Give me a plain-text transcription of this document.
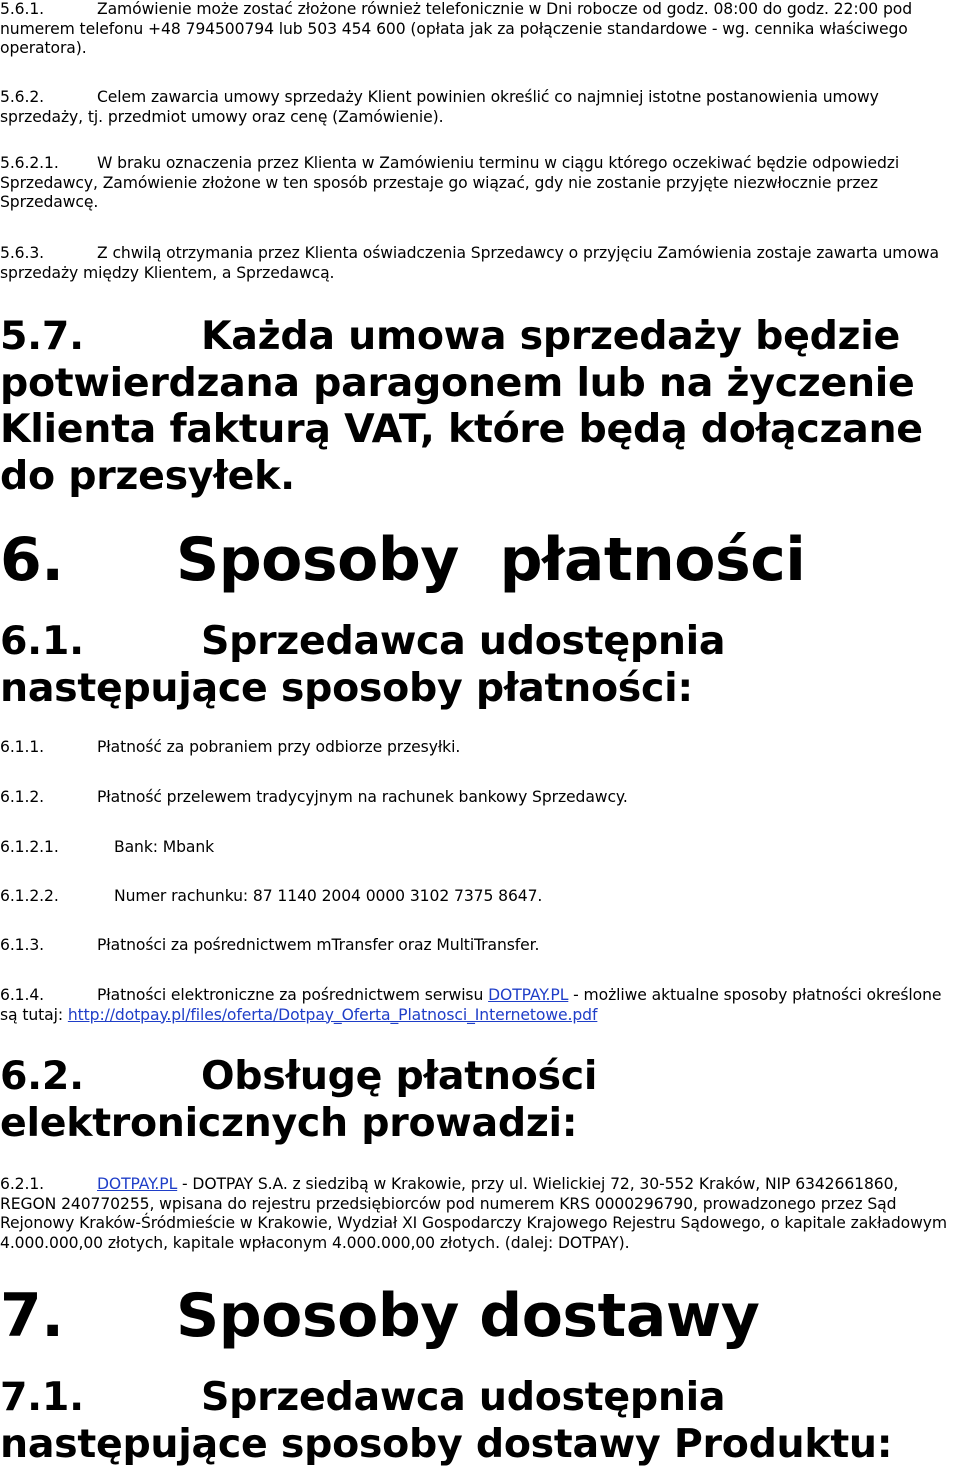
5.6.1.	Zamówienie może zostać złożone również telefonicznie w Dni robocze od godz. 08:00 do godz. 22:00 pod numerem telefonu +48 794500794 lub 503 454 600 (opłata jak za połączenie standardowe - wg. cennika właściwego operatora).
5.6.2.	Celem zawarcia umowy sprzedaży Klient powinien określić co najmniej istotne postanowienia umowy sprzedaży, tj. przedmiot umowy oraz cenę (Zamówienie).
5.6.2.1. W braku oznaczenia przez Klienta w Zamówieniu terminu w ciągu którego oczekiwać będzie odpowiedzi Sprzedawcy, Zamówienie złożone w ten sposób przestaje go wiązać, gdy nie zostanie przyjęte niezwłocznie przez Sprzedawcę.
5.6.3.	Z chwilą otrzymania przez Klienta oświadczenia Sprzedawcy o przyjęciu Zamówienia zostaje zawarta umowa sprzedaży między Klientem, a Sprzedawcą.
5.7.	Każda umowa sprzedaży będzie potwierdzana paragonem lub na życzenie Klienta fakturą VAT, które będą dołączane do przesyłek.
6. Sposoby  płatności
6.1.	Sprzedawca udostępnia następujące sposoby płatności:
6.1.1.	Płatność za pobraniem przy odbiorze przesyłki.
6.1.2.	Płatność przelewem tradycyjnym na rachunek bankowy Sprzedawcy.
6.1.2.1.	Bank: Mbank
6.1.2.2.	Numer rachunku: 87 1140 2004 0000 3102 7375 8647.
6.1.3.	Płatności za pośrednictwem mTransfer oraz MultiTransfer.
6.1.4.	Płatności elektroniczne za pośrednictwem serwisu DOTPAY.PL - możliwe aktualne sposoby płatności określone są tutaj: http://dotpay.pl/files/oferta/Dotpay_Oferta_Platnosci_Internetowe.pdf
6.2.	Obsługę płatności elektronicznych prowadzi:
6.2.1.	DOTPAY.PL - DOTPAY S.A. z siedzibą w Krakowie, przy ul. Wielickiej 72, 30-552 Kraków, NIP 6342661860, REGON 240770255, wpisana do rejestru przedsiębiorców pod numerem KRS 0000296790, prowadzonego przez Sąd Rejonowy Kraków-Śródmieście w Krakowie, Wydział XI Gospodarczy Krajowego Rejestru Sądowego, o kapitale zakładowym 4.000.000,00 złotych, kapitale wpłaconym 4.000.000,00 złotych. (dalej: DOTPAY).
7. Sposoby dostawy
7.1.	Sprzedawca udostępnia następujące sposoby dostawy Produktu:
